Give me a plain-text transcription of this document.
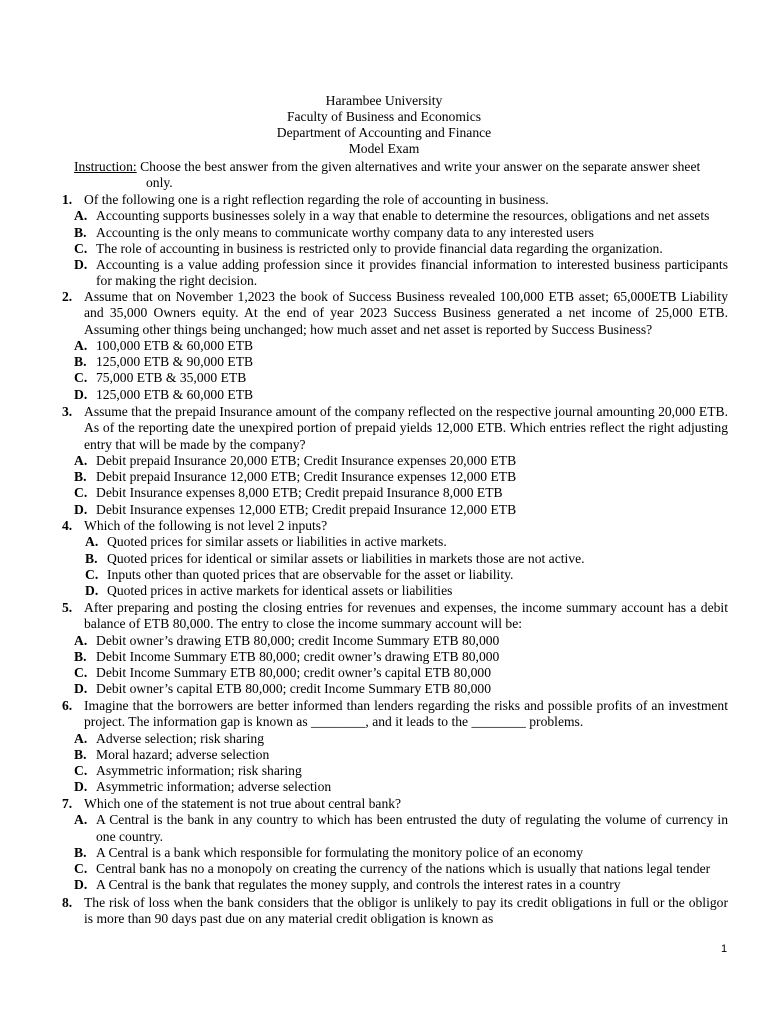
Harambee University
Faculty of Business and Economics
Department of Accounting and Finance
Model Exam
Instruction: Choose the best answer from the given alternatives and write your answer on the separate answer sheet
only.
1. Of the following one is a right reflection regarding the role of accounting in business.
A. Accounting supports businesses solely in a way that enable to determine the resources, obligations and net assets
B. Accounting is the only means to communicate worthy company data to any interested users
C. The role of accounting in business is restricted only to provide financial data regarding the organization.
D. Accounting is a value adding profession since it provides financial information to interested business participants for making the right decision.
2. Assume that on November 1,2023 the book of Success Business revealed 100,000 ETB asset; 65,000ETB Liability and 35,000 Owners equity. At the end of year 2023 Success Business generated a net income of 25,000 ETB. Assuming other things being unchanged; how much asset and net asset is reported by Success Business?
A. 100,000 ETB & 60,000 ETB
B. 125,000 ETB & 90,000 ETB
C. 75,000 ETB & 35,000 ETB
D. 125,000 ETB & 60,000 ETB
3. Assume that the prepaid Insurance amount of the company reflected on the respective journal amounting 20,000 ETB. As of the reporting date the unexpired portion of prepaid yields 12,000 ETB. Which entries reflect the right adjusting entry that will be made by the company?
A. Debit prepaid Insurance 20,000 ETB; Credit Insurance expenses 20,000 ETB
B. Debit prepaid Insurance 12,000 ETB; Credit Insurance expenses 12,000 ETB
C. Debit Insurance expenses 8,000 ETB; Credit prepaid Insurance 8,000 ETB
D. Debit Insurance expenses 12,000 ETB; Credit prepaid Insurance 12,000 ETB
4. Which of the following is not level 2 inputs?
A. Quoted prices for similar assets or liabilities in active markets.
B. Quoted prices for identical or similar assets or liabilities in markets those are not active.
C. Inputs other than quoted prices that are observable for the asset or liability.
D. Quoted prices in active markets for identical assets or liabilities
5. After preparing and posting the closing entries for revenues and expenses, the income summary account has a debit balance of ETB 80,000. The entry to close the income summary account will be:
A. Debit owner’s drawing ETB 80,000; credit Income Summary ETB 80,000
B. Debit Income Summary ETB 80,000; credit owner’s drawing ETB 80,000
C. Debit Income Summary ETB 80,000; credit owner’s capital ETB 80,000
D. Debit owner’s capital ETB 80,000; credit Income Summary ETB 80,000
6. Imagine that the borrowers are better informed than lenders regarding the risks and possible profits of an investment project. The information gap is known as ________, and it leads to the ________ problems.
A. Adverse selection; risk sharing
B. Moral hazard; adverse selection
C. Asymmetric information; risk sharing
D. Asymmetric information; adverse selection
7. Which one of the statement is not true about central bank?
A. A Central is the bank in any country to which has been entrusted the duty of regulating the volume of currency in one country.
B. A Central is a bank which responsible for formulating the monitory police of an economy
C. Central bank has no a monopoly on creating the currency of the nations which is usually that nations legal tender
D. A Central is the bank that regulates the money supply, and controls the interest rates in a country
8. The risk of loss when the bank considers that the obligor is unlikely to pay its credit obligations in full or the obligor is more than 90 days past due on any material credit obligation is known as
1
